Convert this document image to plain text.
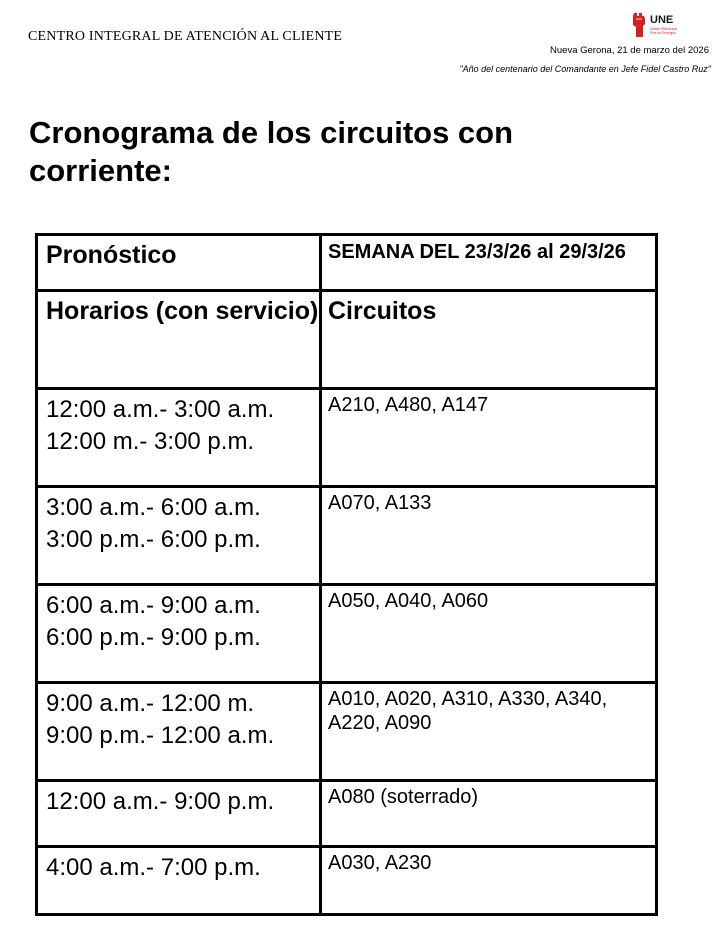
CENTRO INTEGRAL DE ATENCIÓN AL CLIENTE
UNE
Unión Eléctrica Por la Energía
Nueva Gerona, 21 de marzo del 2026
"Año del centenario del Comandante en Jefe Fidel Castro Ruz"
Cronograma de los circuitos con corriente:
Pronóstico	SEMANA DEL 23/3/26 al 29/3/26
Horarios (con servicio)	Circuitos

12:00 a.m.- 3:00 a.m.
12:00 m.- 3:00 p.m.	A210, A480, A147

3:00 a.m.- 6:00 a.m.
3:00 p.m.- 6:00 p.m.	A070, A133

6:00 a.m.- 9:00 a.m.
6:00 p.m.- 9:00 p.m.	A050, A040, A060

9:00 a.m.- 12:00 m.
9:00 p.m.- 12:00 a.m.	A010, A020, A310, A330, A340, A220, A090

12:00 a.m.- 9:00 p.m.	A080 (soterrado)

4:00 a.m.- 7:00 p.m.	A030, A230
